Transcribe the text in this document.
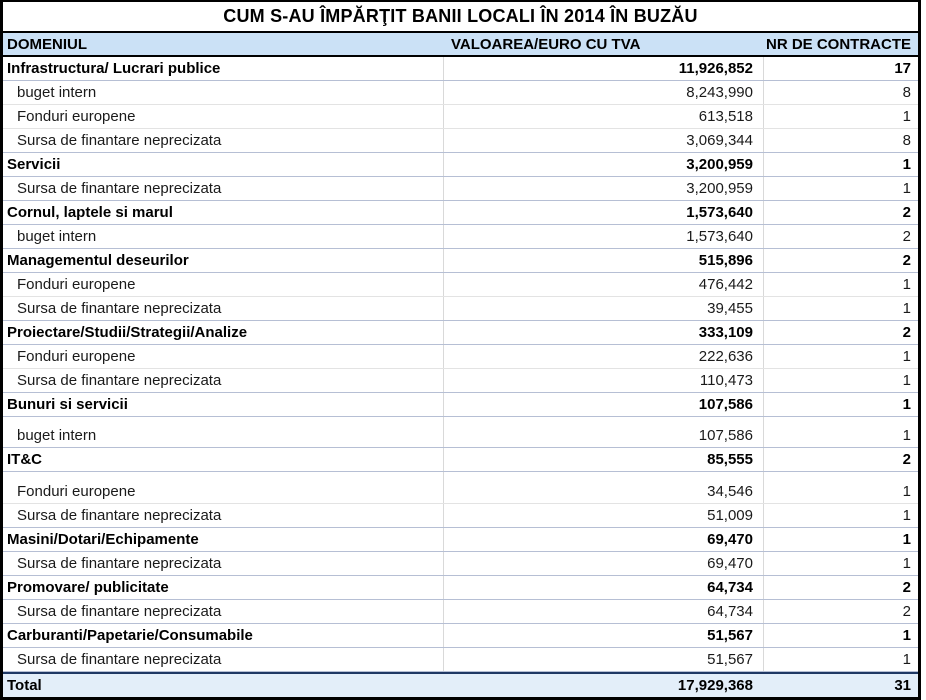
CUM S-AU ÎMPĂRŢIT BANII LOCALI ÎN 2014 ÎN BUZĂU
DOMENIUL	VALOAREA/EURO CU TVA	NR DE CONTRACTE
Infrastructura/ Lucrari publice	11,926,852	17
buget intern	8,243,990	8
Fonduri europene	613,518	1
Sursa de finantare neprecizata	3,069,344	8
Servicii	3,200,959	1
Sursa de finantare neprecizata	3,200,959	1
Cornul, laptele si marul	1,573,640	2
buget intern	1,573,640	2
Managementul deseurilor	515,896	2
Fonduri europene	476,442	1
Sursa de finantare neprecizata	39,455	1
Proiectare/Studii/Strategii/Analize	333,109	2
Fonduri europene	222,636	1
Sursa de finantare neprecizata	110,473	1
Bunuri si servicii	107,586	1
buget intern	107,586	1
IT&C	85,555	2
Fonduri europene	34,546	1
Sursa de finantare neprecizata	51,009	1
Masini/Dotari/Echipamente	69,470	1
Sursa de finantare neprecizata	69,470	1
Promovare/ publicitate	64,734	2
Sursa de finantare neprecizata	64,734	2
Carburanti/Papetarie/Consumabile	51,567	1
Sursa de finantare neprecizata	51,567	1
Total	17,929,368	31
